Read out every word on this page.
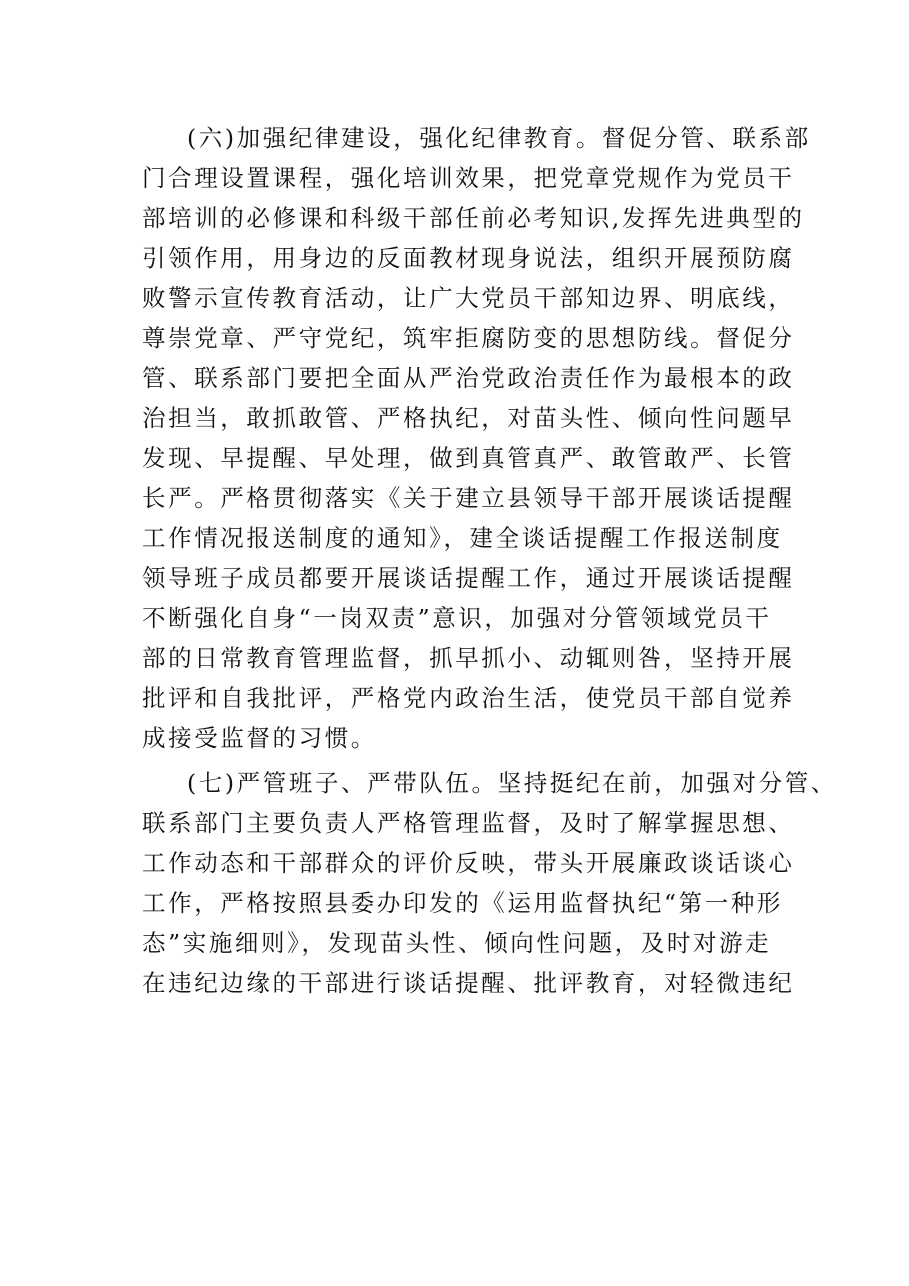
(六)加强纪律建设，强化纪律教育。督促分管、联系部
门合理设置课程，强化培训效果，把党章党规作为党员干
部培训的必修课和科级干部任前必考知识,发挥先进典型的
引领作用，用身边的反面教材现身说法，组织开展预防腐
败警示宣传教育活动，让广大党员干部知边界、明底线，
尊崇党章、严守党纪，筑牢拒腐防变的思想防线。督促分
管、联系部门要把全面从严治党政治责任作为最根本的政
治担当，敢抓敢管、严格执纪，对苗头性、倾向性问题早
发现、早提醒、早处理，做到真管真严、敢管敢严、长管
长严。严格贯彻落实《关于建立县领导干部开展谈话提醒
工作情况报送制度的通知》，建全谈话提醒工作报送制度
领导班子成员都要开展谈话提醒工作，通过开展谈话提醒
不断强化自身“一岗双责”意识，加强对分管领域党员干
部的日常教育管理监督，抓早抓小、动辄则咎，坚持开展
批评和自我批评，严格党内政治生活，使党员干部自觉养
成接受监督的习惯。
(七)严管班子、严带队伍。坚持挺纪在前，加强对分管、
联系部门主要负责人严格管理监督，及时了解掌握思想、
工作动态和干部群众的评价反映，带头开展廉政谈话谈心
工作，严格按照县委办印发的《运用监督执纪“第一种形
态”实施细则》，发现苗头性、倾向性问题，及时对游走
在违纪边缘的干部进行谈话提醒、批评教育，对轻微违纪
